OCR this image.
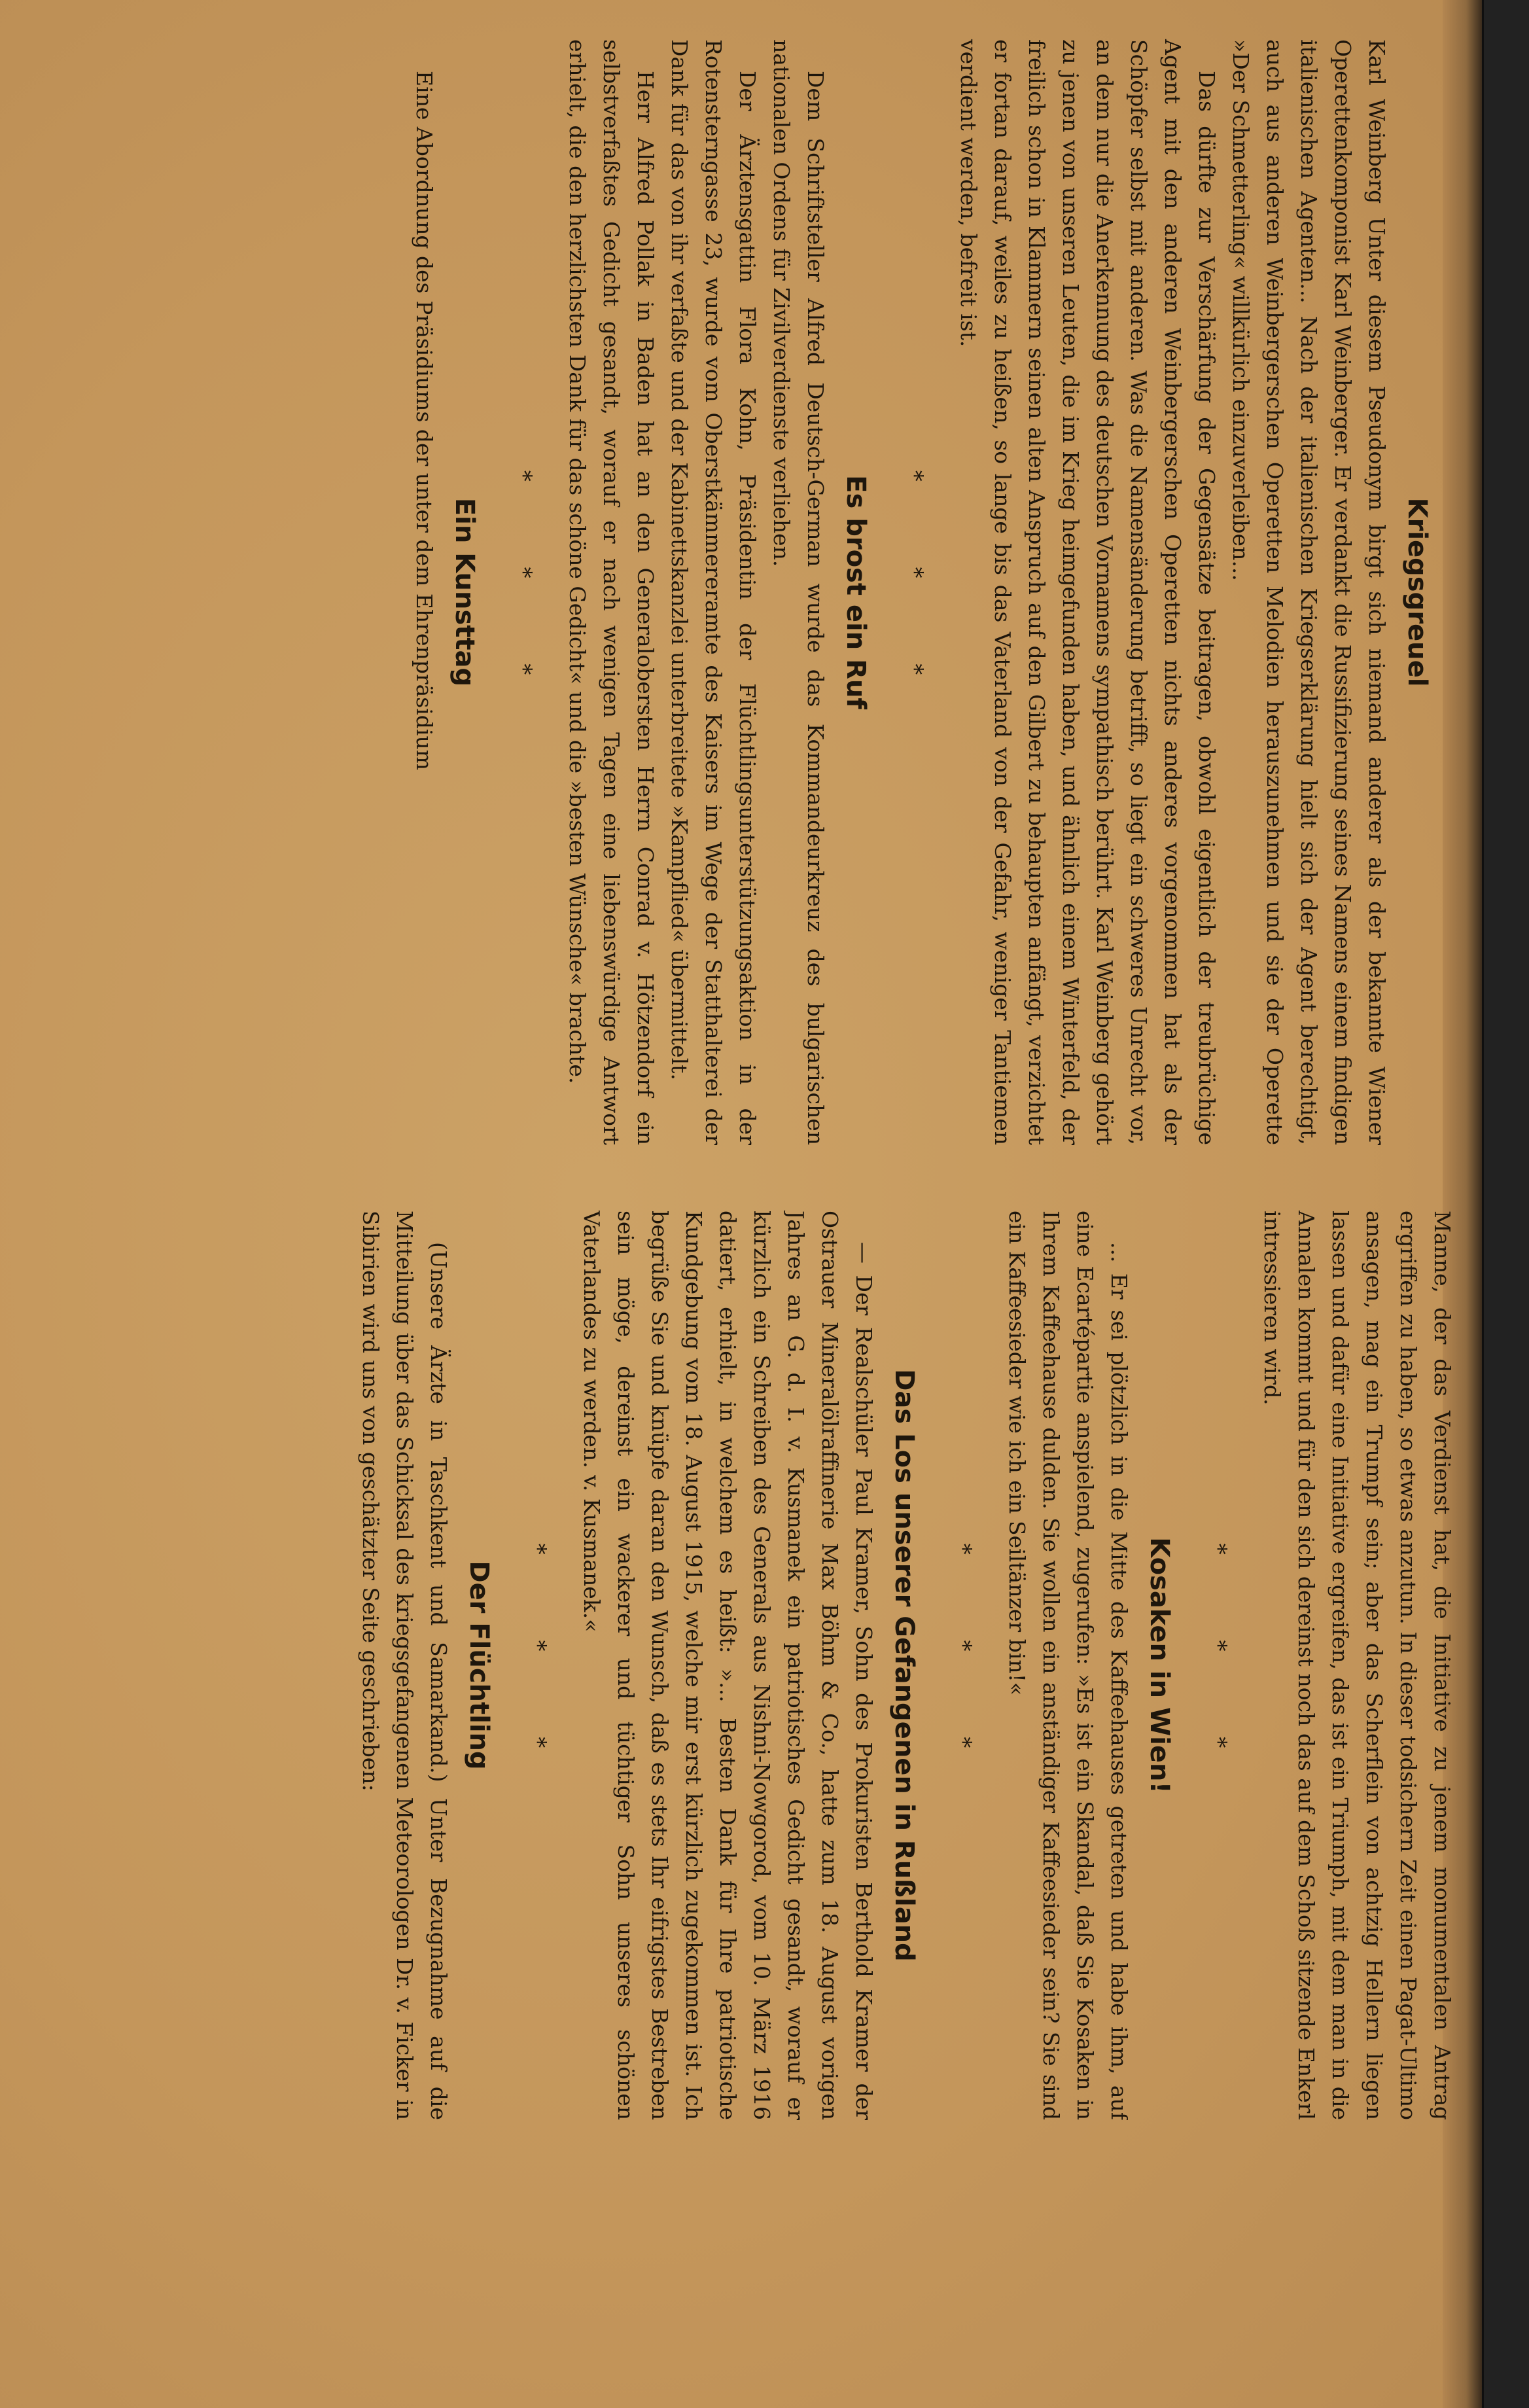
Kriegsgreuel

Karl Weinberg Unter diesem Pseudonym birgt sich niemand anderer als der bekannte Wiener Operettenkomponist Karl Weinberger. Er verdankt die Russifizierung seines Namens einem findigen italienischen Agenten... Nach der italienischen Kriegserklärung hielt sich der Agent berechtigt, auch aus anderen Weinbergerschen Operetten Melodien herauszunehmen und sie der Operette »Der Schmetterling« willkürlich einzuverleiben...

Das dürfte zur Verschärfung der Gegensätze beitragen, obwohl eigentlich der treubrüchige Agent mit den anderen Weinbergerschen Operetten nichts anderes vorgenommen hat als der Schöpfer selbst mit anderen. Was die Namensänderung betrifft, so liegt ein schweres Unrecht vor, an dem nur die Anerkennung des deutschen Vornamens sympathisch berührt. Karl Weinberg gehört zu jenen von unseren Leuten, die im Krieg heimgefunden haben, und ähnlich einem Winterfeld, der freilich schon in Klammern seinen alten Anspruch auf den Gilbert zu behaupten anfängt, verzichtet er fortan darauf, weiles zu heißen, so lange bis das Vaterland von der Gefahr, weniger Tantiemen verdient werden, befreit ist.

* * *
Es brost ein Ruf

Dem Schriftsteller Alfred Deutsch-German wurde das Kommandeurkreuz des bulgarischen nationalen Ordens für Zivilverdienste verliehen.

Der Ärztensgattin Flora Kohn, Präsidentin der Flüchtlingsunterstützungsaktion in der Rotensterngasse 23, wurde vom Oberstkämmereramte des Kaisers im Wege der Statthalterei der Dank für das von ihr verfaßte und der Kabinettskanzlei unterbreitete »Kampflied« übermittelt.

Herr Alfred Pollak in Baden hat an den Generalobersten Herrn Conrad v. Hötzendorf ein selbstverfaßtes Gedicht gesandt, worauf er nach wenigen Tagen eine liebenswürdige Antwort erhielt, die den herzlichsten Dank für das schöne Gedicht« und die »besten Wünsche« brachte.

* * *
Ein Kunsttag

Eine Abordnung des Präsidiums der unter dem Ehrenpräsidium

Manne, der das Verdienst hat, die Initiative zu jenem monumentalen Antrag ergriffen zu haben, so etwas anzutun. In dieser todsichern Zeit einen Pagat-Ultimo ansagen, mag ein Trumpf sein; aber das Scherflein von achtzig Hellern liegen lassen und dafür eine Initiative ergreifen, das ist ein Triumph, mit dem man in die Annalen kommt und für den sich dereinst noch das auf dem Schoß sitzende Enkerl intressieren wird.

* * *
Kosaken in Wien!

... Er sei plötzlich in die Mitte des Kaffeehauses getreten und habe ihm, auf eine Ecartépartie anspielend, zugerufen: »Es ist ein Skandal, daß Sie Kosaken in Ihrem Kaffeehause dulden. Sie wollen ein anständiger Kaffeesieder sein? Sie sind ein Kaffeesieder wie ich ein Seiltänzer bin!«

* * *
Das Los unserer Gefangenen in Rußland

— Der Realschüler Paul Kramer, Sohn des Prokuristen Berthold Kramer der Ostrauer Mineralölraffinerie Max Böhm & Co., hatte zum 18. August vorigen Jahres an G. d. I. v. Kusmanek ein patriotisches Gedicht gesandt, worauf er kürzlich ein Schreiben des Generals aus Nishni-Nowgorod, vom 10. März 1916 datiert, erhielt, in welchem es heißt: »... Besten Dank für Ihre patriotische Kundgebung vom 18. August 1915, welche mir erst kürzlich zugekommen ist. Ich begrüße Sie und knüpfe daran den Wunsch, daß es stets Ihr eifrigstes Bestreben sein möge, dereinst ein wackerer und tüchtiger Sohn unseres schönen Vaterlandes zu werden. v. Kusmanek.«

* * *
Der Flüchtling

(Unsere Ärzte in Taschkent und Samarkand.) Unter Bezugnahme auf die Mitteilung über das Schicksal des kriegsgefangenen Meteorologen Dr. v. Ficker in Sibirien wird uns von geschätzter Seite geschrieben:
